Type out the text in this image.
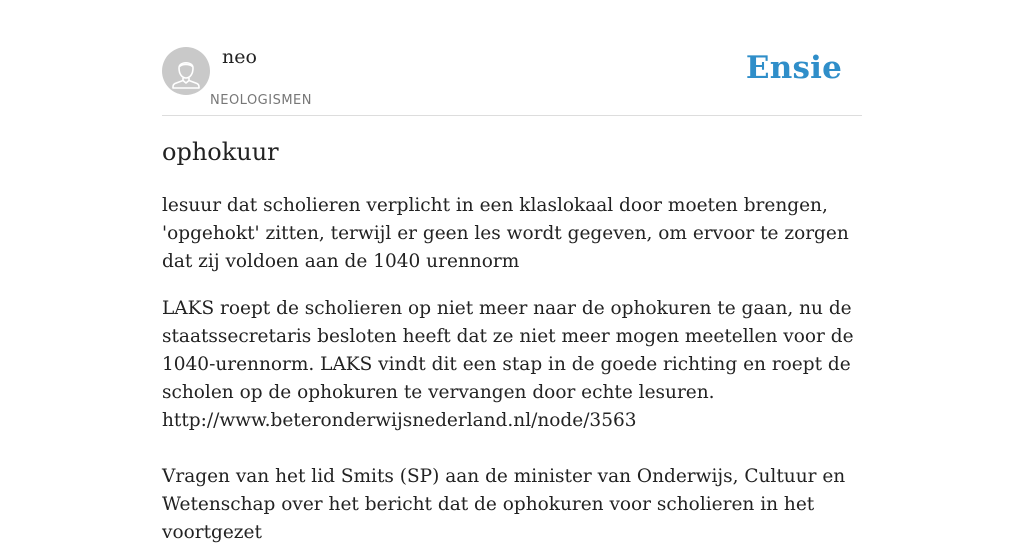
neo
NEOLOGISMEN
Ensie
ophokuur

lesuur dat scholieren verplicht in een klaslokaal door moeten brengen, 'opgehokt' zitten, terwijl er geen les wordt gegeven, om ervoor te zorgen dat zij voldoen aan de 1040 urennorm

LAKS roept de scholieren op niet meer naar de ophokuren te gaan, nu de staatssecretaris besloten heeft dat ze niet meer mogen meetellen voor de 1040-urennorm. LAKS vindt dit een stap in de goede richting en roept de scholen op de ophokuren te vervangen door echte lesuren.
http://www.beteronderwijsnederland.nl/node/3563
Vragen van het lid Smits (SP) aan de minister van Onderwijs, Cultuur en Wetenschap over het bericht dat de ophokuren voor scholieren in het voortgezet
